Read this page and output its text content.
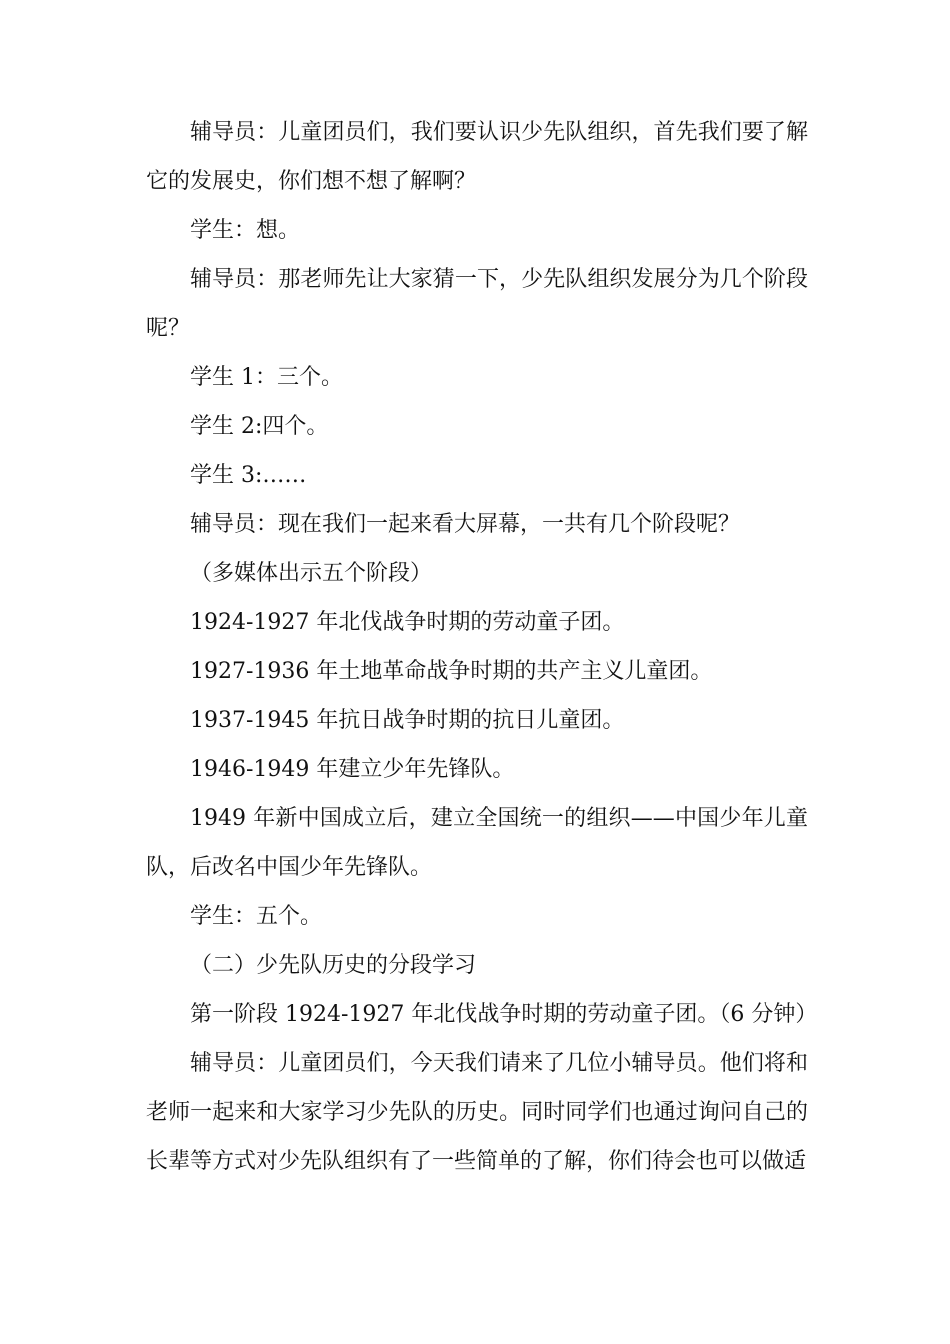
辅导员：儿童团员们，我们要认识少先队组织，首先我们要了解它的发展史，你们想不想了解啊？

学生：想。

辅导员：那老师先让大家猜一下，少先队组织发展分为几个阶段呢？

学生 1：三个。

学生 2:四个。

学生 3:……

辅导员：现在我们一起来看大屏幕，一共有几个阶段呢？

（多媒体出示五个阶段）

1924-1927 年北伐战争时期的劳动童子团。

1927-1936 年土地革命战争时期的共产主义儿童团。

1937-1945 年抗日战争时期的抗日儿童团。

1946-1949 年建立少年先锋队。

1949 年新中国成立后，建立全国统一的组织——中国少年儿童队，后改名中国少年先锋队。

学生：五个。

（二）少先队历史的分段学习

第一阶段 1924-1927 年北伐战争时期的劳动童子团。（6 分钟）

辅导员：儿童团员们，今天我们请来了几位小辅导员。他们将和老师一起来和大家学习少先队的历史。同时同学们也通过询问自己的长辈等方式对少先队组织有了一些简单的了解，你们待会也可以做适
